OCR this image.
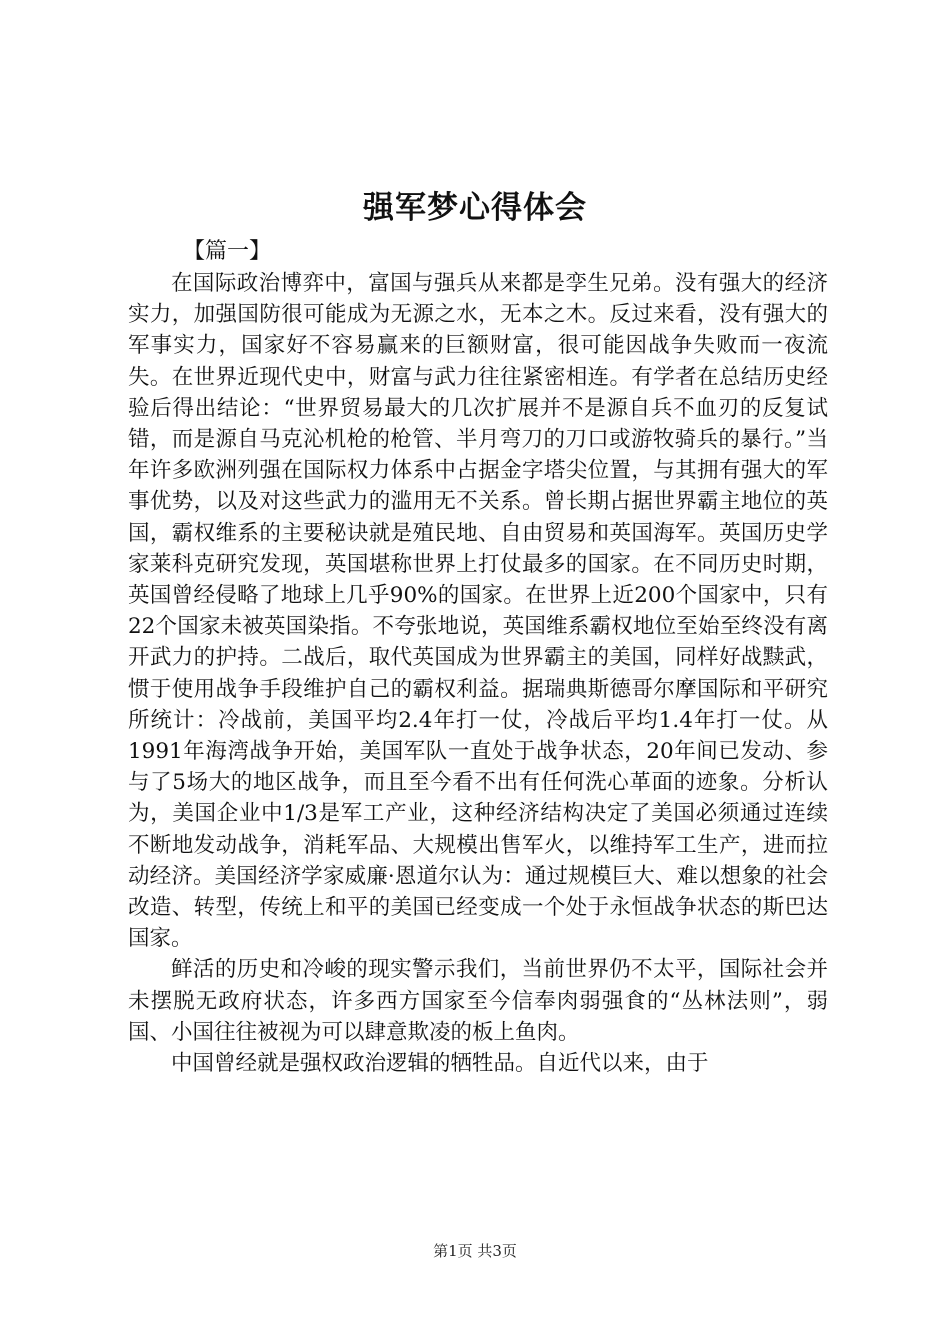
强军梦心得体会
【篇一】

在国际政治博弈中，富国与强兵从来都是孪生兄弟。没有强大的经济实力，加强国防很可能成为无源之水，无本之木。反过来看，没有强大的军事实力，国家好不容易赢来的巨额财富，很可能因战争失败而一夜流失。在世界近现代史中，财富与武力往往紧密相连。有学者在总结历史经验后得出结论：“世界贸易最大的几次扩展并不是源自兵不血刃的反复试错，而是源自马克沁机枪的枪管、半月弯刀的刀口或游牧骑兵的暴行。”当年许多欧洲列强在国际权力体系中占据金字塔尖位置，与其拥有强大的军事优势，以及对这些武力的滥用无不关系。曾长期占据世界霸主地位的英国，霸权维系的主要秘诀就是殖民地、自由贸易和英国海军。英国历史学家莱科克研究发现，英国堪称世界上打仗最多的国家。在不同历史时期，英国曾经侵略了地球上几乎90%的国家。在世界上近200个国家中，只有22个国家未被英国染指。不夸张地说，英国维系霸权地位至始至终没有离开武力的护持。二战后，取代英国成为世界霸主的美国，同样好战黩武，惯于使用战争手段维护自己的霸权利益。据瑞典斯德哥尔摩国际和平研究所统计：冷战前，美国平均2.4年打一仗，冷战后平均1.4年打一仗。从1991年海湾战争开始，美国军队一直处于战争状态，20年间已发动、参与了5场大的地区战争，而且至今看不出有任何洗心革面的迹象。分析认为，美国企业中1/3是军工产业，这种经济结构决定了美国必须通过连续不断地发动战争，消耗军品、大规模出售军火，以维持军工生产，进而拉动经济。美国经济学家威廉·恩道尔认为：通过规模巨大、难以想象的社会改造、转型，传统上和平的美国已经变成一个处于永恒战争状态的斯巴达国家。

鲜活的历史和冷峻的现实警示我们，当前世界仍不太平，国际社会并未摆脱无政府状态，许多西方国家至今信奉肉弱强食的“丛林法则”，弱国、小国往往被视为可以肆意欺凌的板上鱼肉。

中国曾经就是强权政治逻辑的牺牲品。自近代以来，由于

第1页 共3页
